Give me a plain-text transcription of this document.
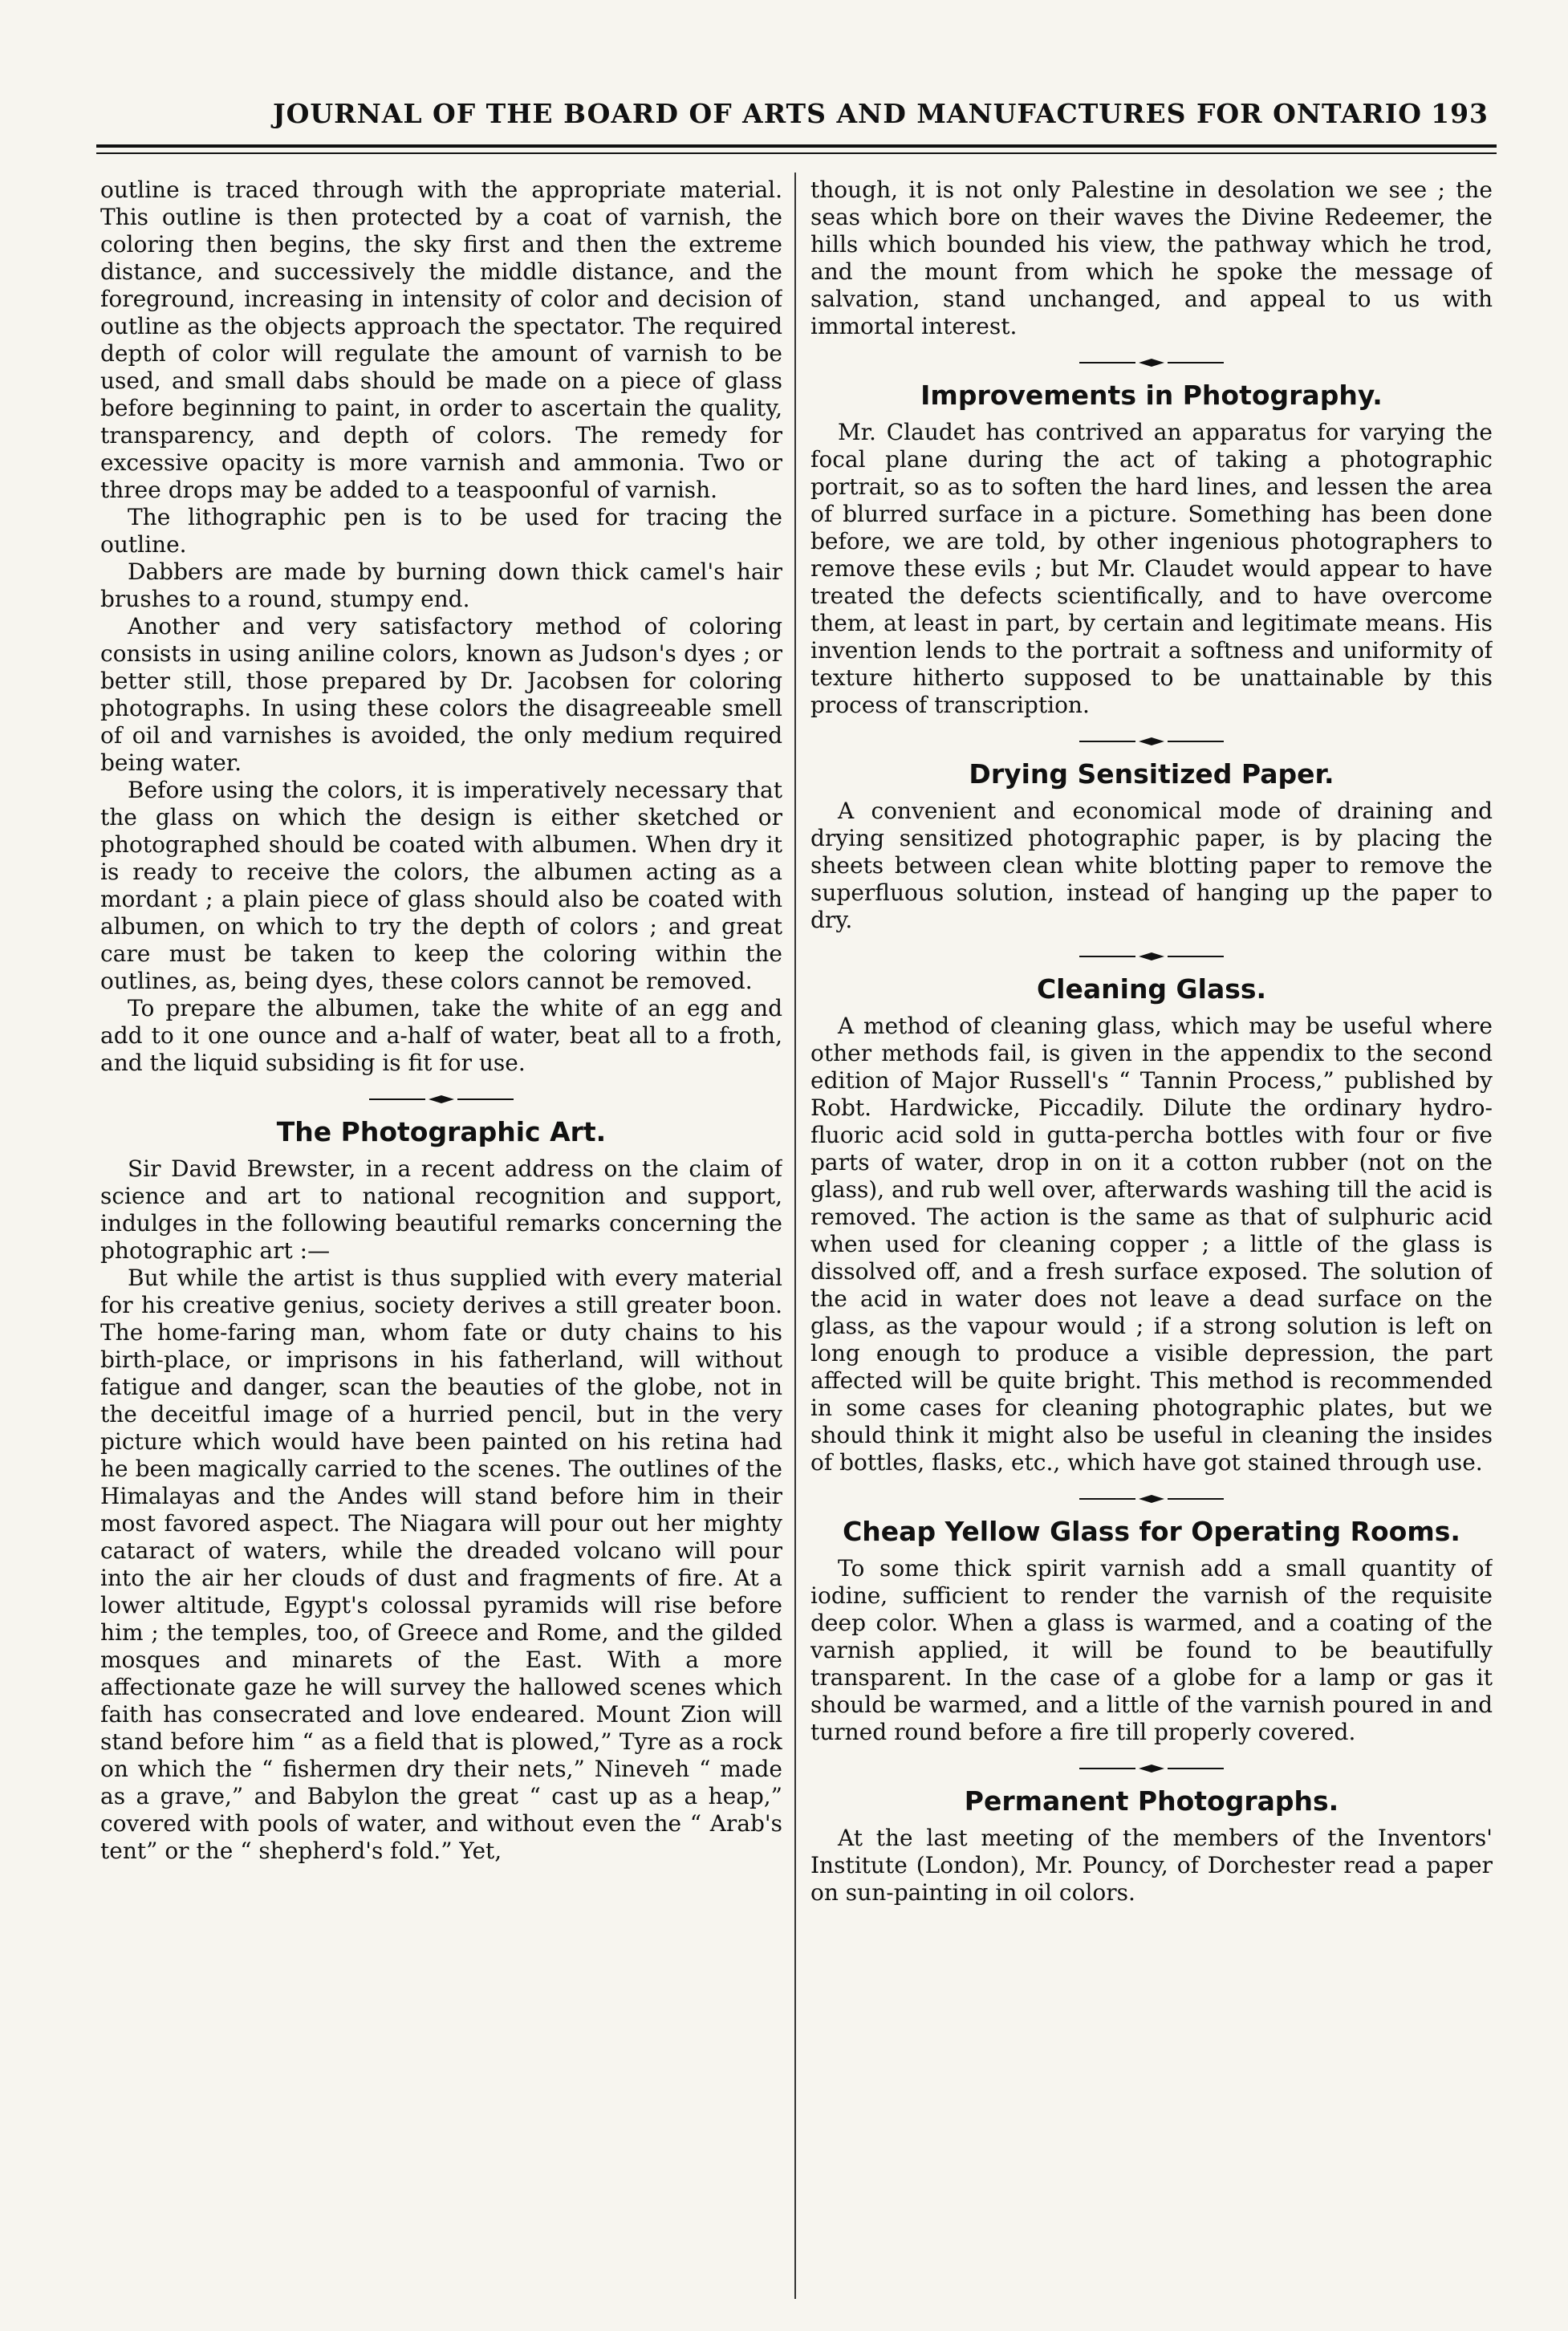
JOURNAL OF THE BOARD OF ARTS AND MANUFACTURES FOR ONTARIO 193

outline is traced through with the appropriate material. This outline is then protected by a coat of varnish, the coloring then begins, the sky first and then the extreme distance, and successively the middle distance, and the foreground, increasing in intensity of color and decision of outline as the objects approach the spectator. The required depth of color will regulate the amount of varnish to be used, and small dabs should be made on a piece of glass before beginning to paint, in order to ascertain the quality, transparency, and depth of colors. The remedy for excessive opacity is more varnish and ammonia. Two or three drops may be added to a teaspoonful of varnish.

The lithographic pen is to be used for tracing the outline.

Dabbers are made by burning down thick camel's hair brushes to a round, stumpy end.

Another and very satisfactory method of coloring consists in using aniline colors, known as Judson's dyes ; or better still, those prepared by Dr. Jacobsen for coloring photographs. In using these colors the disagreeable smell of oil and varnishes is avoided, the only medium required being water.

Before using the colors, it is imperatively necessary that the glass on which the design is either sketched or photographed should be coated with albumen. When dry it is ready to receive the colors, the albumen acting as a mordant ; a plain piece of glass should also be coated with albumen, on which to try the depth of colors ; and great care must be taken to keep the coloring within the outlines, as, being dyes, these colors cannot be removed.

To prepare the albumen, take the white of an egg and add to it one ounce and a-half of water, beat all to a froth, and the liquid subsiding is fit for use.

The Photographic Art.

Sir David Brewster, in a recent address on the claim of science and art to national recognition and support, indulges in the following beautiful remarks concerning the photographic art :—

But while the artist is thus supplied with every material for his creative genius, society derives a still greater boon. The home-faring man, whom fate or duty chains to his birth-place, or imprisons in his fatherland, will without fatigue and danger, scan the beauties of the globe, not in the deceitful image of a hurried pencil, but in the very picture which would have been painted on his retina had he been magically carried to the scenes. The outlines of the Himalayas and the Andes will stand before him in their most favored aspect. The Niagara will pour out her mighty cataract of waters, while the dreaded volcano will pour into the air her clouds of dust and fragments of fire. At a lower altitude, Egypt's colossal pyramids will rise before him ; the temples, too, of Greece and Rome, and the gilded mosques and minarets of the East. With a more affectionate gaze he will survey the hallowed scenes which faith has consecrated and love endeared. Mount Zion will stand before him “ as a field that is plowed,” Tyre as a rock on which the “ fishermen dry their nets,” Nineveh “ made as a grave,” and Babylon the great “ cast up as a heap,” covered with pools of water, and without even the “ Arab's tent” or the “ shepherd's fold.” Yet,

though, it is not only Palestine in desolation we see ; the seas which bore on their waves the Divine Redeemer, the hills which bounded his view, the pathway which he trod, and the mount from which he spoke the message of salvation, stand unchanged, and appeal to us with immortal interest.

Improvements in Photography.

Mr. Claudet has contrived an apparatus for varying the focal plane during the act of taking a photographic portrait, so as to soften the hard lines, and lessen the area of blurred surface in a picture. Something has been done before, we are told, by other ingenious photographers to remove these evils ; but Mr. Claudet would appear to have treated the defects scientifically, and to have overcome them, at least in part, by certain and legitimate means. His invention lends to the portrait a softness and uniformity of texture hitherto supposed to be unattainable by this process of transcription.

Drying Sensitized Paper.

A convenient and economical mode of draining and drying sensitized photographic paper, is by placing the sheets between clean white blotting paper to remove the superfluous solution, instead of hanging up the paper to dry.

Cleaning Glass.

A method of cleaning glass, which may be useful where other methods fail, is given in the appendix to the second edition of Major Russell's “ Tannin Process,” published by Robt. Hardwicke, Piccadily. Dilute the ordinary hydro-fluoric acid sold in gutta-percha bottles with four or five parts of water, drop in on it a cotton rubber (not on the glass), and rub well over, afterwards washing till the acid is removed. The action is the same as that of sulphuric acid when used for cleaning copper ; a little of the glass is dissolved off, and a fresh surface exposed. The solution of the acid in water does not leave a dead surface on the glass, as the vapour would ; if a strong solution is left on long enough to produce a visible depression, the part affected will be quite bright. This method is recommended in some cases for cleaning photographic plates, but we should think it might also be useful in cleaning the insides of bottles, flasks, etc., which have got stained through use.

Cheap Yellow Glass for Operating Rooms.

To some thick spirit varnish add a small quantity of iodine, sufficient to render the varnish of the requisite deep color. When a glass is warmed, and a coating of the varnish applied, it will be found to be beautifully transparent. In the case of a globe for a lamp or gas it should be warmed, and a little of the varnish poured in and turned round before a fire till properly covered.

Permanent Photographs.

At the last meeting of the members of the Inventors' Institute (London), Mr. Pouncy, of Dorchester read a paper on sun-painting in oil colors.
